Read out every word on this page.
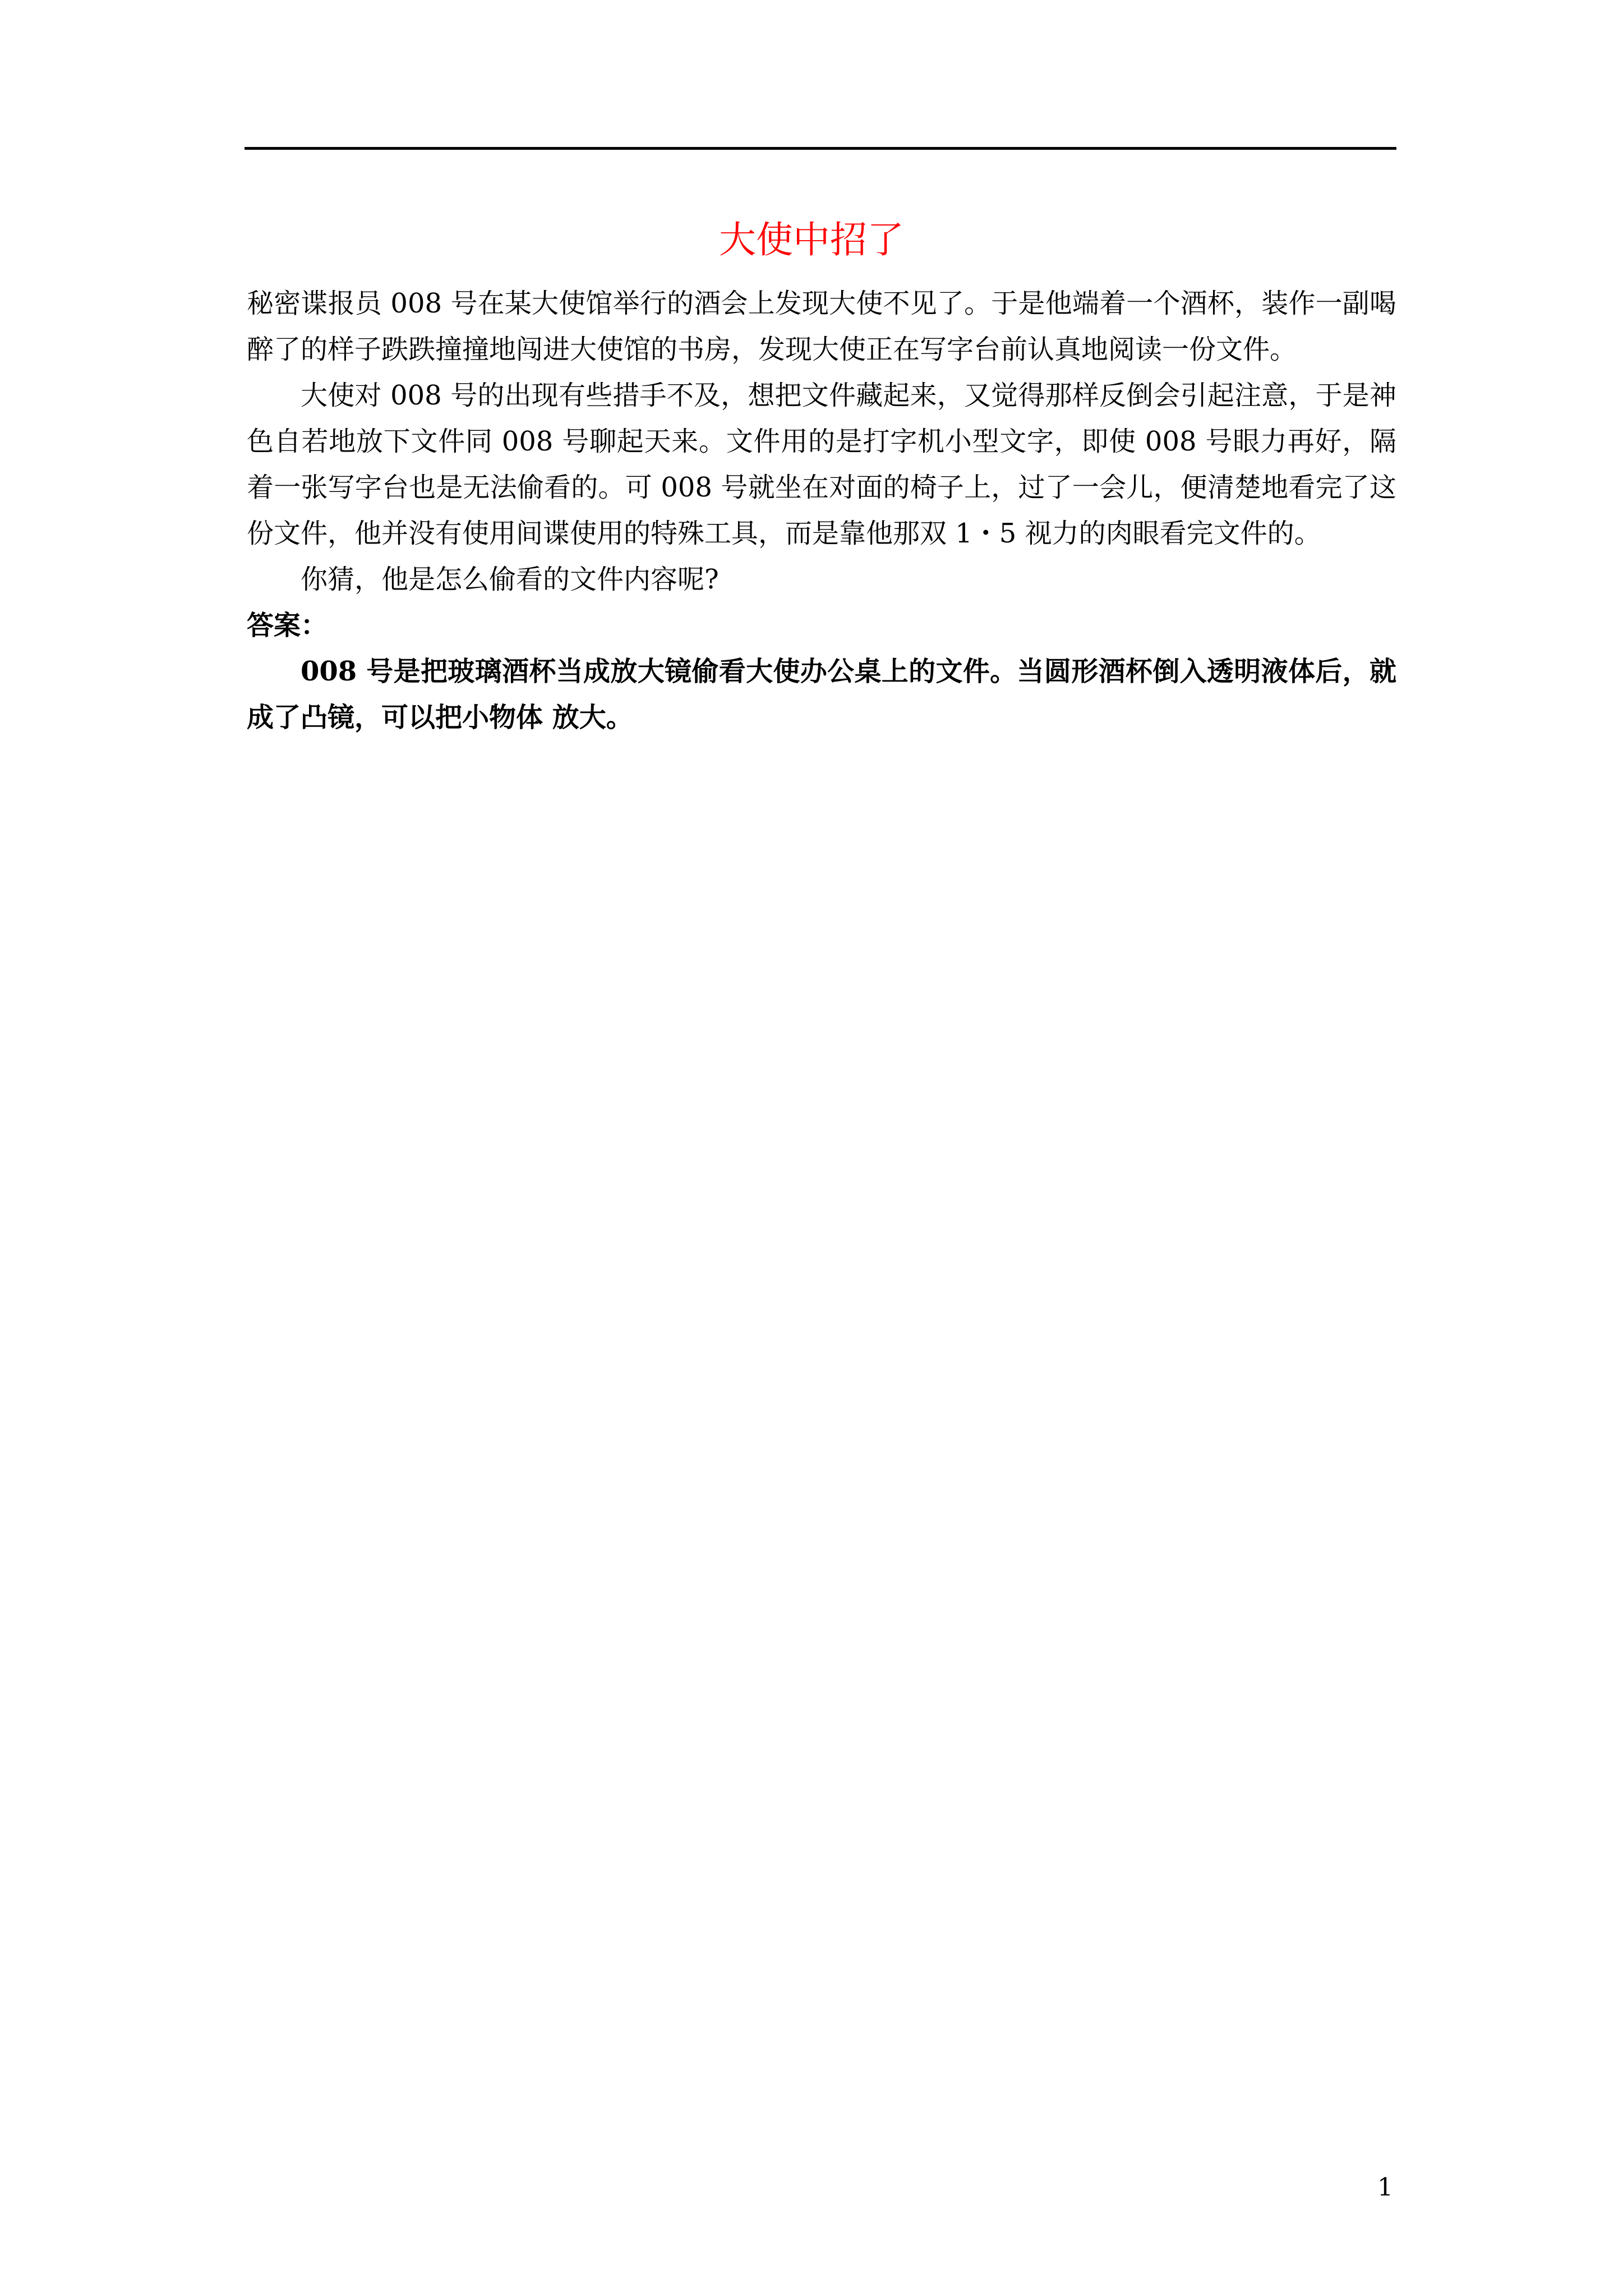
大使中招了

秘密谍报员 008 号在某大使馆举行的酒会上发现大使不见了。于是他端着一个酒杯，装作一副喝醉了的样子跌跌撞撞地闯进大使馆的书房，发现大使正在写字台前认真地阅读一份文件。

大使对 008 号的出现有些措手不及，想把文件藏起来，又觉得那样反倒会引起注意，于是神色自若地放下文件同 008 号聊起天来。文件用的是打字机小型文字，即使 008 号眼力再好，隔着一张写字台也是无法偷看的。可 008 号就坐在对面的椅子上，过了一会儿，便清楚地看完了这份文件，他并没有使用间谍使用的特殊工具，而是靠他那双 1・5 视力的肉眼看完文件的。

你猜，他是怎么偷看的文件内容呢?

答案：

008 号是把玻璃酒杯当成放大镜偷看大使办公桌上的文件。当圆形酒杯倒入透明液体后，就成了凸镜，可以把小物体 放大。

1
